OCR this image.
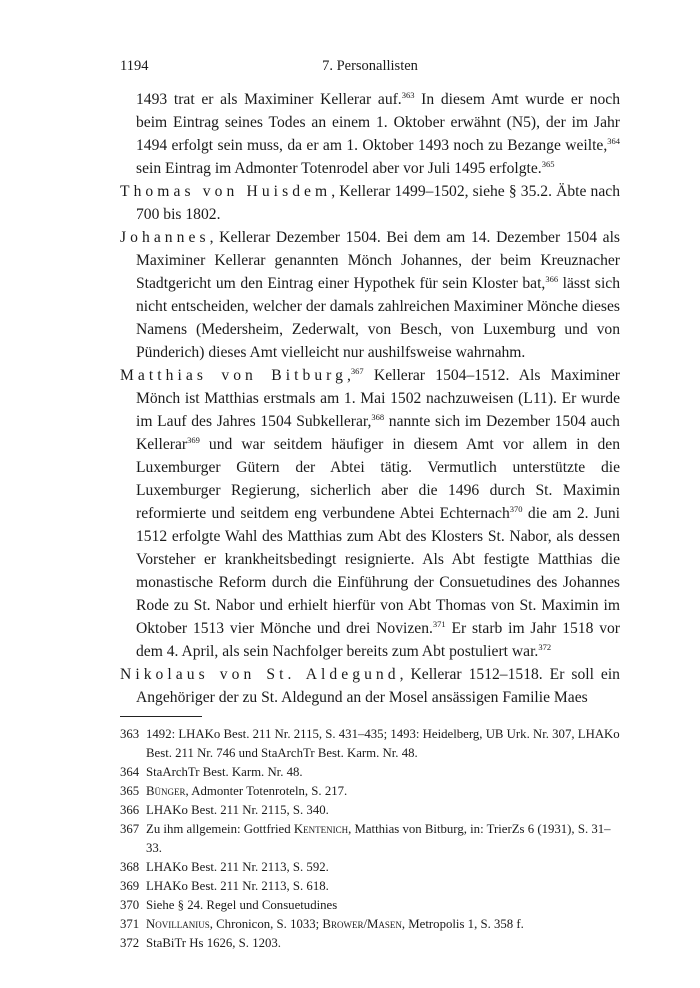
1194	7. Personallisten

1493 trat er als Maximiner Kellerar auf.$^{363}$ In diesem Amt wurde er noch beim Eintrag seines Todes an einem 1. Oktober erwähnt (N5), der im Jahr 1494 erfolgt sein muss, da er am 1. Oktober 1493 noch zu Bezange weilte,$^{364}$ sein Eintrag im Admonter Totenrodel aber vor Juli 1495 erfolgte.$^{365}$

Thomas von Huisdem, Kellerar 1499–1502, siehe § 35.2. Äbte nach 700 bis 1802.

Johannes, Kellerar Dezember 1504. Bei dem am 14. Dezember 1504 als Maximiner Kellerar genannten Mönch Johannes, der beim Kreuznacher Stadtgericht um den Eintrag einer Hypothek für sein Kloster bat,$^{366}$ lässt sich nicht entscheiden, welcher der damals zahlreichen Maximiner Mönche dieses Namens (Medersheim, Zederwalt, von Besch, von Luxemburg und von Pünderich) dieses Amt vielleicht nur aushilfsweise wahrnahm.

Matthias von Bitburg,$^{367}$ Kellerar 1504–1512. Als Maximiner Mönch ist Matthias erstmals am 1. Mai 1502 nachzuweisen (L11). Er wurde im Lauf des Jahres 1504 Subkellerar,$^{368}$ nannte sich im Dezember 1504 auch Kellerar$^{369}$ und war seitdem häufiger in diesem Amt vor allem in den Luxemburger Gütern der Abtei tätig. Vermutlich unterstützte die Luxemburger Regierung, sicherlich aber die 1496 durch St. Maximin reformierte und seitdem eng verbundene Abtei Echternach$^{370}$ die am 2. Juni 1512 erfolgte Wahl des Matthias zum Abt des Klosters St. Nabor, als dessen Vorsteher er krankheitsbedingt resignierte. Als Abt festigte Matthias die monastische Reform durch die Einführung der Consuetudines des Johannes Rode zu St. Nabor und erhielt hierfür von Abt Thomas von St. Maximin im Oktober 1513 vier Mönche und drei Novizen.$^{371}$ Er starb im Jahr 1518 vor dem 4. April, als sein Nachfolger bereits zum Abt postuliert war.$^{372}$

Nikolaus von St. Aldegund, Kellerar 1512–1518. Er soll ein Angehöriger der zu St. Aldegund an der Mosel ansässigen Familie Maes

363 1492: LHAKo Best. 211 Nr. 2115, S. 431–435; 1493: Heidelberg, UB Urk. Nr. 307, LHAKo Best. 211 Nr. 746 und StaArchTr Best. Karm. Nr. 48.
364 StaArchTr Best. Karm. Nr. 48.
365 Bünger, Admonter Totenroteln, S. 217.
366 LHAKo Best. 211 Nr. 2115, S. 340.
367 Zu ihm allgemein: Gottfried Kentenich, Matthias von Bitburg, in: TrierZs 6 (1931), S. 31–33.
368 LHAKo Best. 211 Nr. 2113, S. 592.
369 LHAKo Best. 211 Nr. 2113, S. 618.
370 Siehe § 24. Regel und Consuetudines
371 Novillanius, Chronicon, S. 1033; Brower/Masen, Metropolis 1, S. 358 f.
372 StaBiTr Hs 1626, S. 1203.
